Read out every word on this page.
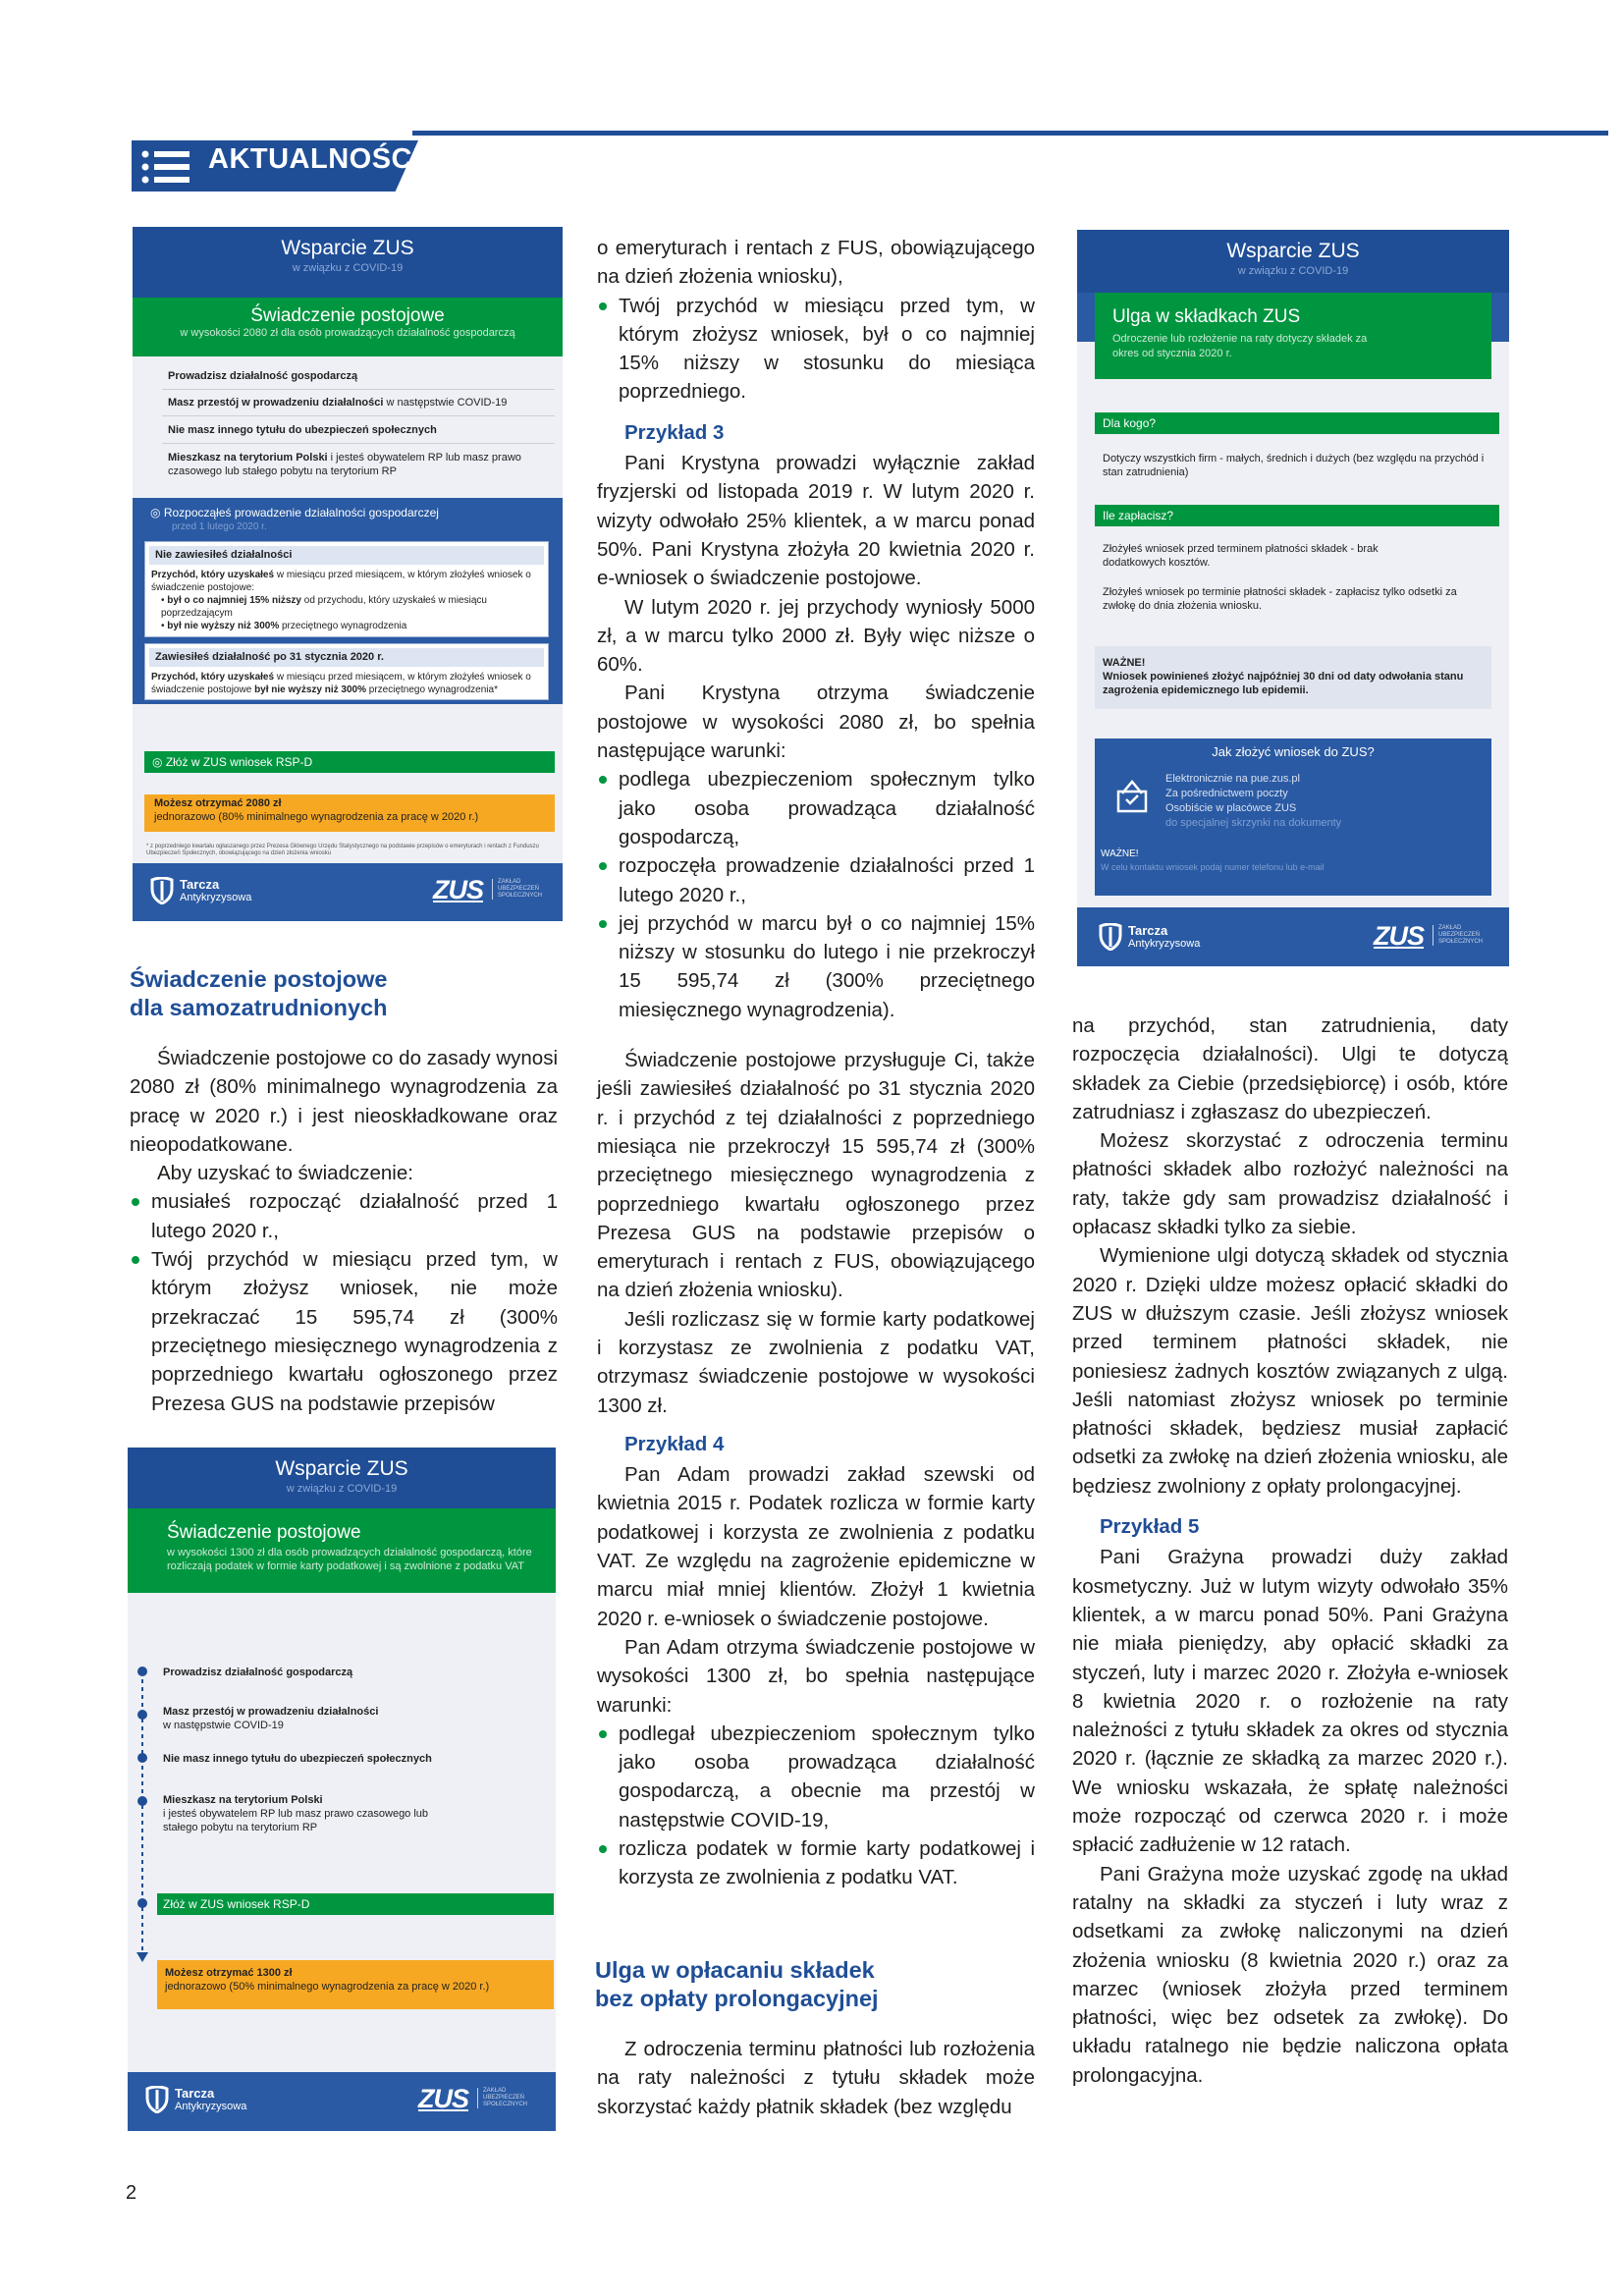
AKTUALNOŚCI
Wsparcie ZUS
w związku z COVID-19
Świadczenie postojowe
w wysokości 2080 zł dla osób prowadzących działalność gospodarczą
Prowadzisz działalność gospodarczą
Masz przestój w prowadzeniu działalności w następstwie COVID-19
Nie masz innego tytułu do ubezpieczeń społecznych
Mieszkasz na terytorium Polski i jesteś obywatelem RP lub masz prawo czasowego lub stałego pobytu na terytorium RP
◎ Rozpocząłeś prowadzenie działalności gospodarczej
przed 1 lutego 2020 r.
Nie zawiesiłeś działalności
Przychód, który uzyskałeś w miesiącu przed miesiącem, w którym złożyłeś wniosek o świadczenie postojowe:
• był o co najmniej 15% niższy od przychodu, który uzyskałeś w miesiącu poprzedzającym
• był nie wyższy niż 300% przeciętnego wynagrodzenia
Zawiesiłeś działalność po 31 stycznia 2020 r.
Przychód, który uzyskałeś w miesiącu przed miesiącem, w którym złożyłeś wniosek o świadczenie postojowe był nie wyższy niż 300% przeciętnego wynagrodzenia*
◎ Złóż w ZUS wniosek RSP-D
Możesz otrzymać 2080 zł
jednorazowo (80% minimalnego wynagrodzenia za pracę w 2020 r.)
* z poprzedniego kwartału ogłaszanego przez Prezesa Głównego Urzędu Statystycznego na podstawie przepisów o emeryturach i rentach z Funduszu Ubezpieczeń Społecznych, obowiązującego na dzień złożenia wniosku
Tarcza
Antykryzysowa	ZUS	ZAKŁAD UBEZPIECZEŃ SPOŁECZNYCH
Świadczenie postojowe
dla samozatrudnionych

Świadczenie postojowe co do zasady wynosi 2080 zł (80% minimalnego wynagrodzenia za pracę w 2020 r.) i jest nieoskładkowane oraz nieopodatkowane.

Aby uzyskać to świadczenie:

musiałeś rozpocząć działalność przed 1 lutego 2020 r.,
Twój przychód w miesiącu przed tym, w którym złożysz wniosek, nie może przekraczać 15 595,74 zł (300% przeciętnego miesięcznego wynagrodzenia z poprzedniego kwartału ogłoszonego przez Prezesa GUS na podstawie przepisów
Wsparcie ZUS
w związku z COVID-19
Świadczenie postojowe
w wysokości 1300 zł dla osób prowadzących działalność gospodarczą, które rozliczają podatek w formie karty podatkowej i są zwolnione z podatku VAT
Prowadzisz działalność gospodarczą
Masz przestój w prowadzeniu działalności
w następstwie COVID-19
Nie masz innego tytułu do ubezpieczeń społecznych
Mieszkasz na terytorium Polski
i jesteś obywatelem RP lub masz prawo czasowego lub stałego pobytu na terytorium RP
Złóż w ZUS wniosek RSP-D
Możesz otrzymać 1300 zł
jednorazowo (50% minimalnego wynagrodzenia za pracę w 2020 r.)
Tarcza
Antykryzysowa	ZUS	ZAKŁAD UBEZPIECZEŃ SPOŁECZNYCH

o emeryturach i rentach z FUS, obowiązującego na dzień złożenia wniosku),

Twój przychód w miesiącu przed tym, w którym złożysz wniosek, był o co najmniej 15% niższy w stosunku do miesiąca poprzedniego.
Przykład 3

Pani Krystyna prowadzi wyłącznie zakład fryzjerski od listopada 2019 r. W lutym 2020 r. wizyty odwołało 25% klientek, a w marcu ponad 50%. Pani Krystyna złożyła 20 kwietnia 2020 r. e-wniosek o świadczenie postojowe.

W lutym 2020 r. jej przychody wyniosły 5000 zł, a w marcu tylko 2000 zł. Były więc niższe o 60%.

Pani Krystyna otrzyma świadczenie postojowe w wysokości 2080 zł, bo spełnia następujące warunki:

podlega ubezpieczeniom społecznym tylko jako osoba prowadząca działalność gospodarczą,
rozpoczęła prowadzenie działalności przed 1 lutego 2020 r.,
jej przychód w marcu był o co najmniej 15% niższy w stosunku do lutego i nie przekroczył 15 595,74 zł (300% przeciętnego miesięcznego wynagrodzenia).

Świadczenie postojowe przysługuje Ci, także jeśli zawiesiłeś działalność po 31 stycznia 2020 r. i przychód z tej działalności z poprzedniego miesiąca nie przekroczył 15 595,74 zł (300% przeciętnego miesięcznego wynagrodzenia z poprzedniego kwartału ogłoszonego przez Prezesa GUS na podstawie przepisów o emeryturach i rentach z FUS, obowiązującego na dzień złożenia wniosku).

Jeśli rozliczasz się w formie karty podatkowej i korzystasz ze zwolnienia z podatku VAT, otrzymasz świadczenie postojowe w wysokości 1300 zł.

Przykład 4

Pan Adam prowadzi zakład szewski od kwietnia 2015 r. Podatek rozlicza w formie karty podatkowej i korzysta ze zwolnienia z podatku VAT. Ze względu na zagrożenie epidemiczne w marcu miał mniej klientów. Złożył 1 kwietnia 2020 r. e-wniosek o świadczenie postojowe.

Pan Adam otrzyma świadczenie postojowe w wysokości 1300 zł, bo spełnia następujące warunki:

podlegał ubezpieczeniom społecznym tylko jako osoba prowadząca działalność gospodarczą, a obecnie ma przestój w następstwie COVID-19,
rozlicza podatek w formie karty podatkowej i korzysta ze zwolnienia z podatku VAT.
Ulga w opłacaniu składek
bez opłaty prolongacyjnej

Z odroczenia terminu płatności lub rozłożenia na raty należności z tytułu składek może skorzystać każdy płatnik składek (bez względu

Wsparcie ZUS
w związku z COVID-19
Ulga w składkach ZUS
Odroczenie lub rozłożenie na raty dotyczy składek za okres od stycznia 2020 r.
Dla kogo?
Dotyczy wszystkich firm - małych, średnich i dużych (bez względu na przychód i stan zatrudnienia)
Ile zapłacisz?
Złożyłeś wniosek przed terminem płatności składek - brak dodatkowych kosztów.
Złożyłeś wniosek po terminie płatności składek - zapłacisz tylko odsetki za zwłokę do dnia złożenia wniosku.
WAŻNE!
Wniosek powinieneś złożyć najpóźniej 30 dni od daty odwołania stanu zagrożenia epidemicznego lub epidemii.
Jak złożyć wniosek do ZUS?
Elektronicznie na pue.zus.pl
Za pośrednictwem poczty
Osobiście w placówce ZUS
do specjalnej skrzynki na dokumenty
WAŻNE!
W celu kontaktu wniosek podaj numer telefonu lub e-mail
Tarcza
Antykryzysowa	ZUS	ZAKŁAD UBEZPIECZEŃ SPOŁECZNYCH

na przychód, stan zatrudnienia, daty rozpoczęcia działalności). Ulgi te dotyczą składek za Ciebie (przedsiębiorcę) i osób, które zatrudniasz i zgłaszasz do ubezpieczeń.

Możesz skorzystać z odroczenia terminu płatności składek albo rozłożyć należności na raty, także gdy sam prowadzisz działalność i opłacasz składki tylko za siebie.

Wymienione ulgi dotyczą składek od stycznia 2020 r. Dzięki uldze możesz opłacić składki do ZUS w dłuższym czasie. Jeśli złożysz wniosek przed terminem płatności składek, nie poniesiesz żadnych kosztów związanych z ulgą. Jeśli natomiast złożysz wniosek po terminie płatności składek, będziesz musiał zapłacić odsetki za zwłokę na dzień złożenia wniosku, ale będziesz zwolniony z opłaty prolongacyjnej.

Przykład 5

Pani Grażyna prowadzi duży zakład kosmetyczny. Już w lutym wizyty odwołało 35% klientek, a w marcu ponad 50%. Pani Grażyna nie miała pieniędzy, aby opłacić składki za styczeń, luty i marzec 2020 r. Złożyła e-wniosek 8 kwietnia 2020 r. o rozłożenie na raty należności z tytułu składek za okres od stycznia 2020 r. (łącznie ze składką za marzec 2020 r.). We wniosku wskazała, że spłatę należności może rozpocząć od czerwca 2020 r. i może spłacić zadłużenie w 12 ratach.

Pani Grażyna może uzyskać zgodę na układ ratalny na składki za styczeń i luty wraz z odsetkami za zwłokę naliczonymi na dzień złożenia wniosku (8 kwietnia 2020 r.) oraz za marzec (wniosek złożyła przed terminem płatności, więc bez odsetek za zwłokę). Do układu ratalnego nie będzie naliczona opłata prolongacyjna.

2
